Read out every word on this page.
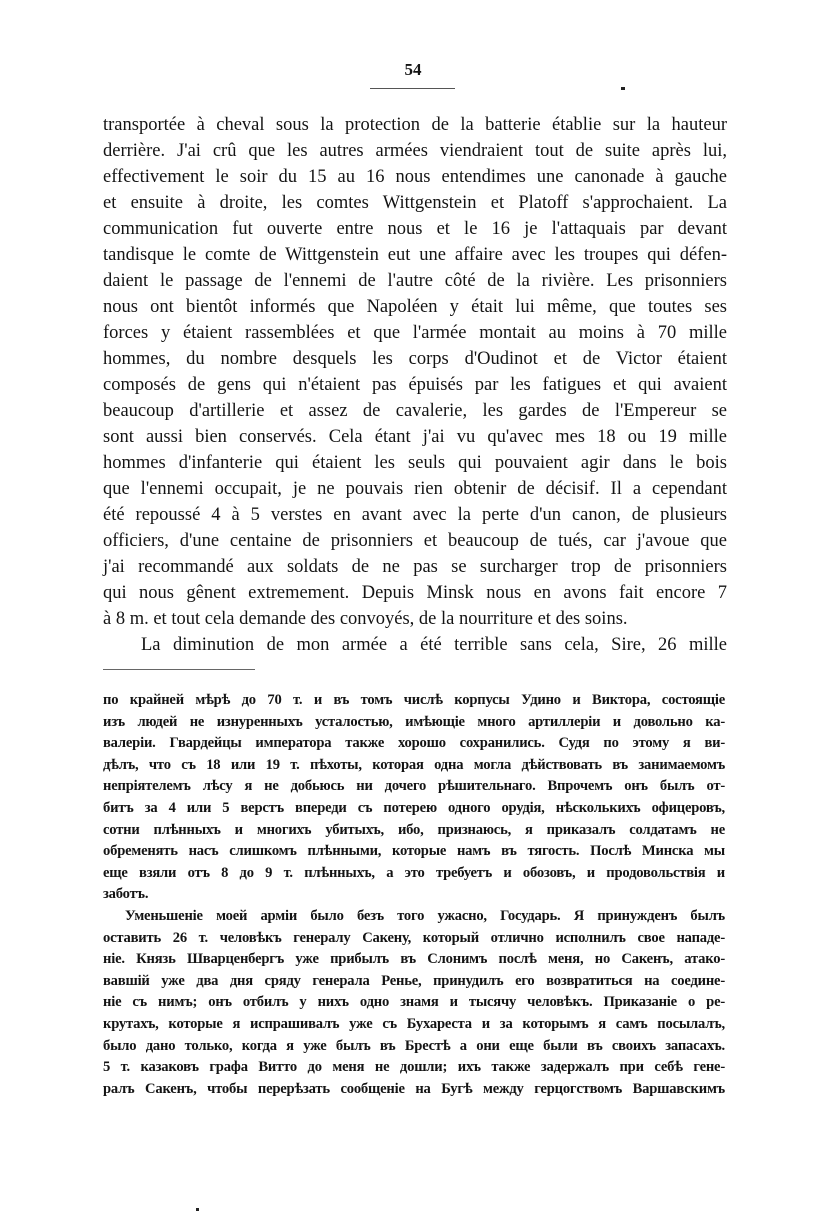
54
transportée à cheval sous la protection de la batterie établie sur la hauteur
derrière. J'ai crû que les autres armées viendraient tout de suite après lui,
effectivement le soir du 15 au 16 nous entendimes une canonade à gauche
et ensuite à droite, les comtes Wittgenstein et Platoff s'approchaient. La
communication fut ouverte entre nous et le 16 je l'attaquais par devant
tandisque le comte de Wittgenstein eut une affaire avec les troupes qui défen-
daient le passage de l'ennemi de l'autre côté de la rivière. Les prisonniers
nous ont bientôt informés que Napoléen y était lui même, que toutes ses
forces y étaient rassemblées et que l'armée montait au moins à 70 mille
hommes, du nombre desquels les corps d'Oudinot et de Victor étaient
composés de gens qui n'étaient pas épuisés par les fatigues et qui avaient
beaucoup d'artillerie et assez de cavalerie, les gardes de l'Empereur se
sont aussi bien conservés. Cela étant j'ai vu qu'avec mes 18 ou 19 mille
hommes d'infanterie qui étaient les seuls qui pouvaient agir dans le bois
que l'ennemi occupait, je ne pouvais rien obtenir de décisif. Il a cependant
été repoussé 4 à 5 verstes en avant avec la perte d'un canon, de plusieurs
officiers, d'une centaine de prisonniers et beaucoup de tués, car j'avoue que
j'ai recommandé aux soldats de ne pas se surcharger trop de prisonniers
qui nous gênent extremement. Depuis Minsk nous en avons fait encore 7
à 8 m. et tout cela demande des convoyés, de la nourriture et des soins.
La diminution de mon armée a été terrible sans cela, Sire, 26 mille
по крайней мѣрѣ до 70 т. и въ томъ числѣ корпусы Удино и Виктора, состоящіе
изъ людей не изнуренныхъ усталостью, имѣющіе много артиллеріи и довольно ка-
валеріи. Гвардейцы императора также хорошо сохранились. Судя по этому я ви-
дѣлъ, что съ 18 или 19 т. пѣхоты, которая одна могла дѣйствовать въ занимаемомъ
непріятелемъ лѣсу я не добьюсь ни дочего рѣшительнаго. Впрочемъ онъ былъ от-
битъ за 4 или 5 верстъ впереди съ потерею одного орудія, нѣсколькихъ офицеровъ,
сотни плѣнныхъ и многихъ убитыхъ, ибо, признаюсь, я приказалъ солдатамъ не
обременять насъ слишкомъ плѣнными, которые намъ въ тягость. Послѣ Минска мы
еще взяли отъ 8 до 9 т. плѣнныхъ, а это требуетъ и обозовъ, и продовольствія и
заботъ.
Уменьшеніе моей арміи было безъ того ужасно, Государь. Я принужденъ былъ
оставить 26 т. человѣкъ генералу Сакену, который отлично исполнилъ свое нападе-
ніе. Князь Шварценбергъ уже прибылъ въ Слонимъ послѣ меня, но Сакенъ, атако-
вавшій уже два дня сряду генерала Ренье, принудилъ его возвратиться на соедине-
ніе съ нимъ; онъ отбилъ у нихъ одно знамя и тысячу человѣкъ. Приказаніе о ре-
крутахъ, которые я испрашивалъ уже съ Бухареста и за которымъ я самъ посылалъ,
было дано только, когда я уже былъ въ Брестѣ а они еще были въ своихъ запасахъ.
5 т. казаковъ графа Витто до меня не дошли; ихъ также задержалъ при себѣ гене-
ралъ Сакенъ, чтобы перерѣзать сообщеніе на Бугѣ между герцогствомъ Варшавскимъ
